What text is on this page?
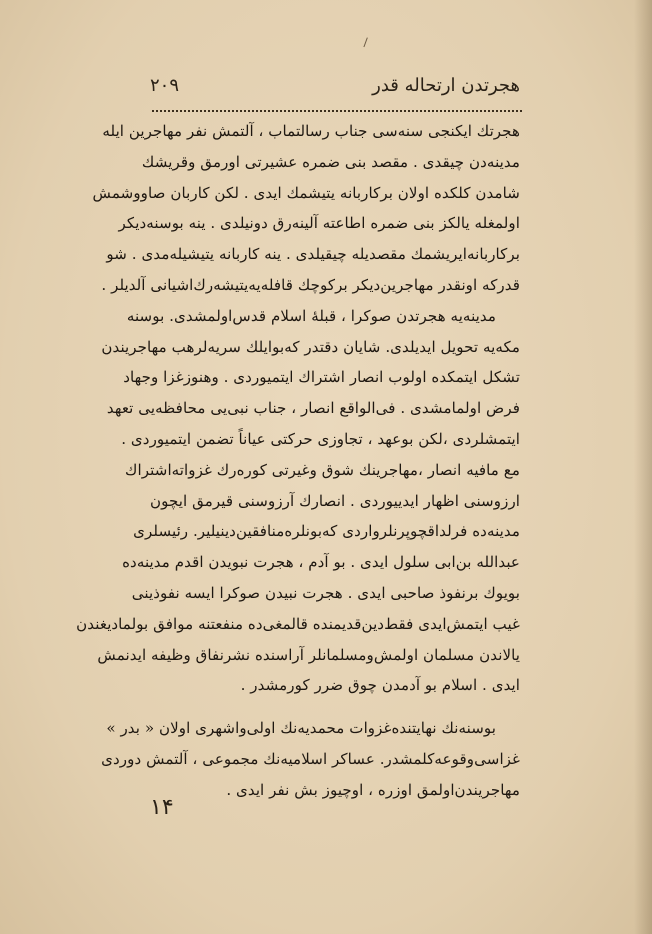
هجرتدن ارتحاله قدر
۲۰۹
هجرتك ایكنجی سنه‌سی جناب رسالتماب ، آلتمش نفر مهاجرین ایله
مدینه‌دن چیقدی . مقصد بنی ضمره عشیرتی اورمق وقریشك
شامدن كلكده اولان بركاربانه یتیشمك ایدی . لكن كاربان صاووشمش
اولمغله یالكز بنی ضمره اطاعته آلینه‌رق دونیلدی . ینه بوسنه‌دیكر
بركاربانه‌ایریشمك مقصدیله چیقیلدی . ینه كاربانه یتیشیله‌مدی . شو
قدركه اونقدر مهاجرین‌دیكر بركوچك قافله‌یه‌یتیشه‌رك‌اشیانی آلدیلر .
مدینه‌یه هجرتدن صوكرا ، قبلهٔ اسلام قدس‌اولمشدی. بوسنه
مكه‌یه تحویل ایدیلدی. شایان دقتدر كه‌بوایلك سریه‌لرهب مهاجریندن
تشكل ایتمكده اولوب انصار اشتراك ایتمیوردی . وهنوزغزا وجهاد
فرض اولمامشدی . فی‌الواقع انصار ، جناب نبی‌یی محافظه‌یی تعهد
ایتمشلردی ،لكن بوعهد ، تجاوزی حركتی عیاناً تضمن ایتمیوردی .
مع مافیه انصار ،مهاجرینك شوق وغیرتی كوره‌رك غزواته‌اشتراك
ارزوسنی اظهار ایدییوردی . انصارك آرزوسنی قیرمق ایچون
مدینه‌ده فرلداقچوپرنلرواردی كه‌بونلره‌منافقین‌دینیلیر. رئیسلری
عبدالله بن‌ابی سلول ایدی . بو آدم ، هجرت نبویدن اقدم مدینه‌ده
بویوك برنفوذ صاحبی ایدی . هجرت نبیدن صوكرا ایسه نفوذینی
غیب ایتمش‌ایدی فقط‌دین‌قدیمنده قالمغی‌ده منفعتنه موافق بولمادیغندن
یالاندن مسلمان اولمش‌ومسلمانلر آراسنده نشرنفاق وظیفه ایدنمش
ایدی . اسلام بو آدمدن چوق ضرر كورمشدر .
بوسنه‌نك نهایتنده‌غزوات محمدیه‌نك اولی‌واشهری اولان « بدر »
غزاسی‌وقوعه‌كلمشدر. عساكر اسلامیه‌نك مجموعی ، آلتمش دوردی
مهاجریندن‌اولمق اوزره ، اوچیوز بش نفر ایدی .
۱۴
